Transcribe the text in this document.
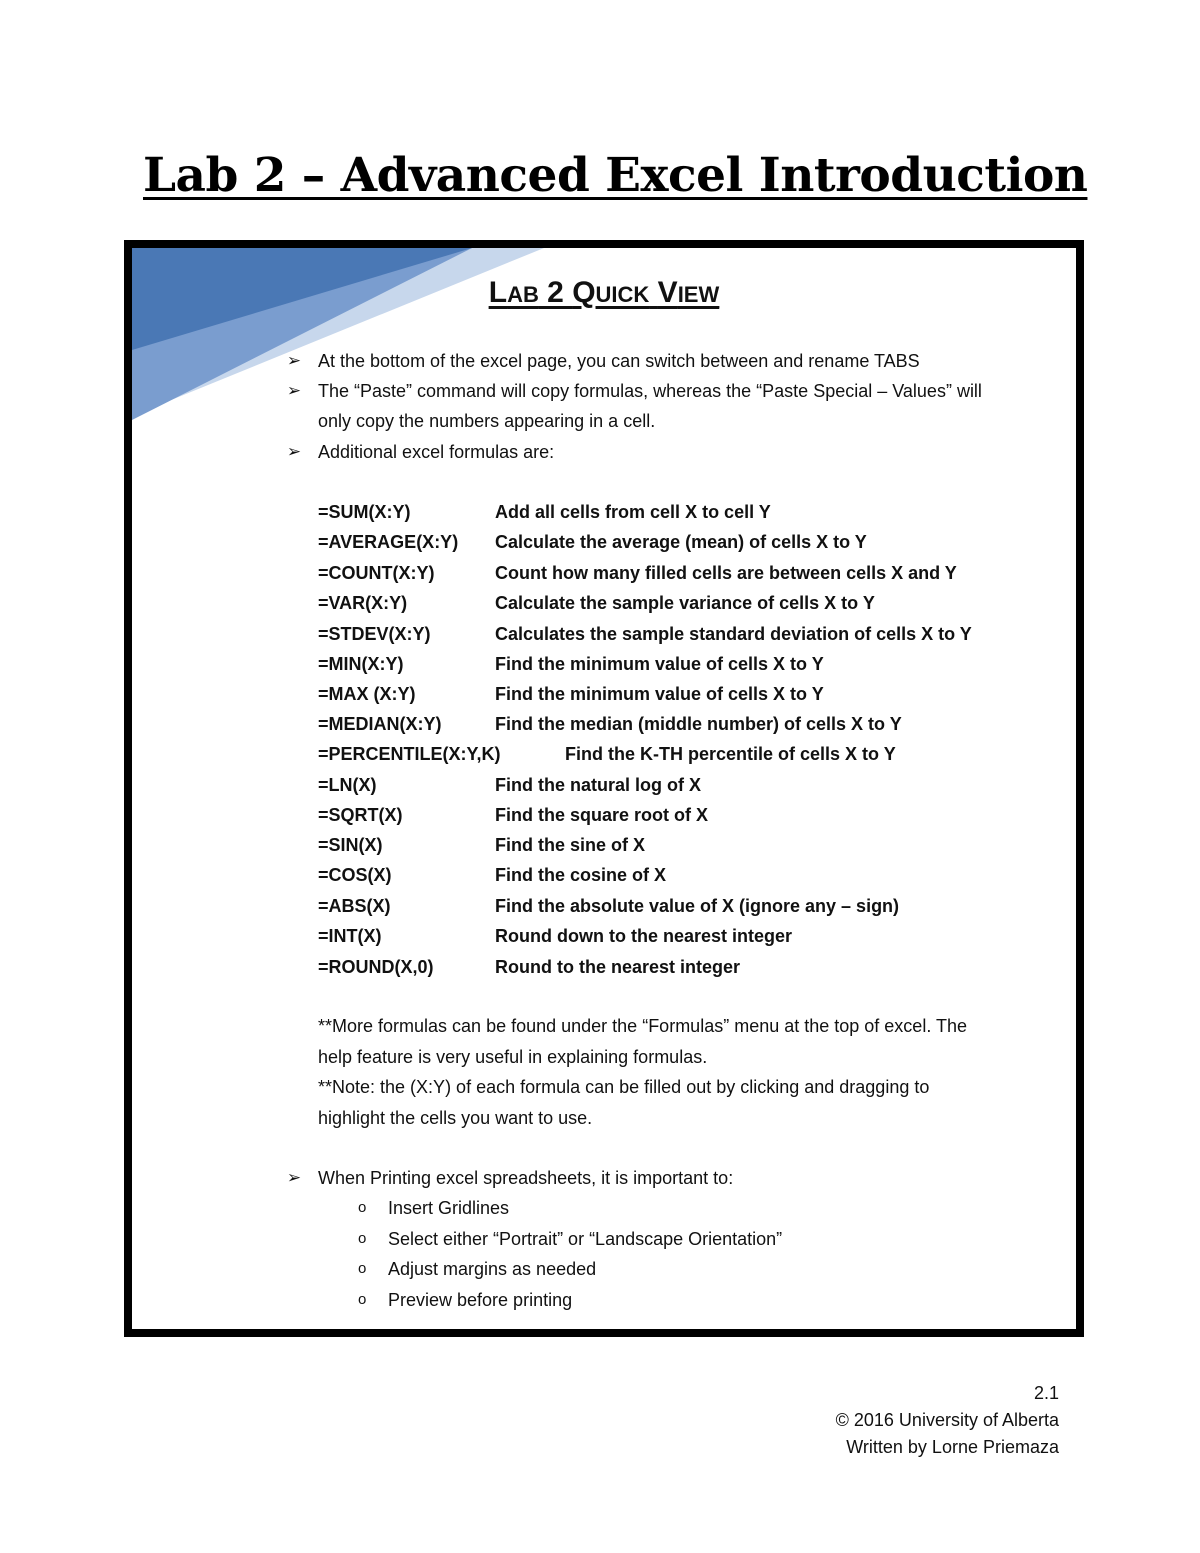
Lab 2 – Advanced Excel Introduction
LAB 2 QUICK VIEW
➢ At the bottom of the excel page, you can switch between and rename TABS
➢ The “Paste” command will copy formulas, whereas the “Paste Special – Values” will
only copy the numbers appearing in a cell.
➢ Additional excel formulas are:
=SUM(X:Y)	Add all cells from cell X to cell Y
=AVERAGE(X:Y) Calculate the average (mean) of cells X to Y
=COUNT(X:Y)	Count how many filled cells are between cells X and Y
=VAR(X:Y)	Calculate the sample variance of cells X to Y
=STDEV(X:Y)	Calculates the sample standard deviation of cells X to Y
=MIN(X:Y)	Find the minimum value of cells X to Y
=MAX (X:Y)	Find the minimum value of cells X to Y
=MEDIAN(X:Y)	Find the median (middle number) of cells X to Y
=PERCENTILE(X:Y,K)	Find the K-TH percentile of cells X to Y
=LN(X)	Find the natural log of X
=SQRT(X)	Find the square root of X
=SIN(X)	Find the sine of X
=COS(X)	Find the cosine of X
=ABS(X)	Find the absolute value of X (ignore any – sign)
=INT(X)	Round down to the nearest integer
=ROUND(X,0)	Round to the nearest integer
**More formulas can be found under the “Formulas” menu at the top of excel. The
help feature is very useful in explaining formulas.
**Note: the (X:Y) of each formula can be filled out by clicking and dragging to
highlight the cells you want to use.
➢ When Printing excel spreadsheets, it is important to:
o Insert Gridlines
o Select either “Portrait” or “Landscape Orientation”
o Adjust margins as needed
o Preview before printing
2.1
© 2016 University of Alberta
Written by Lorne Priemaza
